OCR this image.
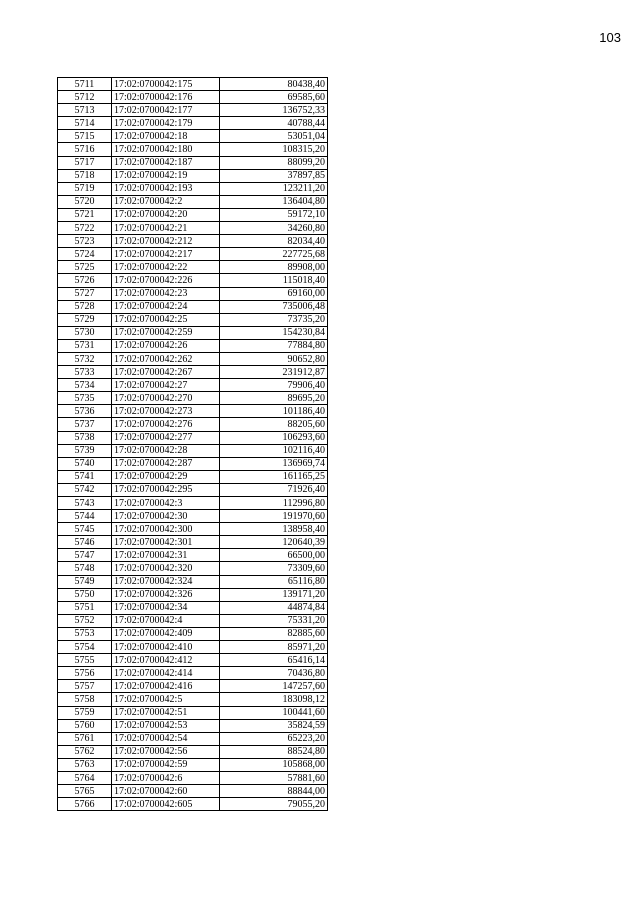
103
5711	17:02:0700042:175	80438,40
5712	17:02:0700042:176	69585,60
5713	17:02:0700042:177	136752,33
5714	17:02:0700042:179	40788,44
5715	17:02:0700042:18	53051,04
5716	17:02:0700042:180	108315,20
5717	17:02:0700042:187	88099,20
5718	17:02:0700042:19	37897,85
5719	17:02:0700042:193	123211,20
5720	17:02:0700042:2	136404,80
5721	17:02:0700042:20	59172,10
5722	17:02:0700042:21	34260,80
5723	17:02:0700042:212	82034,40
5724	17:02:0700042:217	227725,68
5725	17:02:0700042:22	89908,00
5726	17:02:0700042:226	115018,40
5727	17:02:0700042:23	69160,00
5728	17:02:0700042:24	735006,48
5729	17:02:0700042:25	73735,20
5730	17:02:0700042:259	154230,84
5731	17:02:0700042:26	77884,80
5732	17:02:0700042:262	90652,80
5733	17:02:0700042:267	231912,87
5734	17:02:0700042:27	79906,40
5735	17:02:0700042:270	89695,20
5736	17:02:0700042:273	101186,40
5737	17:02:0700042:276	88205,60
5738	17:02:0700042:277	106293,60
5739	17:02:0700042:28	102116,40
5740	17:02:0700042:287	136969,74
5741	17:02:0700042:29	161165,25
5742	17:02:0700042:295	71926,40
5743	17:02:0700042:3	112996,80
5744	17:02:0700042:30	191970,60
5745	17:02:0700042:300	138958,40
5746	17:02:0700042:301	120640,39
5747	17:02:0700042:31	66500,00
5748	17:02:0700042:320	73309,60
5749	17:02:0700042:324	65116,80
5750	17:02:0700042:326	139171,20
5751	17:02:0700042:34	44874,84
5752	17:02:0700042:4	75331,20
5753	17:02:0700042:409	82885,60
5754	17:02:0700042:410	85971,20
5755	17:02:0700042:412	65416,14
5756	17:02:0700042:414	70436,80
5757	17:02:0700042:416	147257,60
5758	17:02:0700042:5	183098,12
5759	17:02:0700042:51	100441,60
5760	17:02:0700042:53	35824,59
5761	17:02:0700042:54	65223,20
5762	17:02:0700042:56	88524,80
5763	17:02:0700042:59	105868,00
5764	17:02:0700042:6	57881,60
5765	17:02:0700042:60	88844,00
5766	17:02:0700042:605	79055,20
